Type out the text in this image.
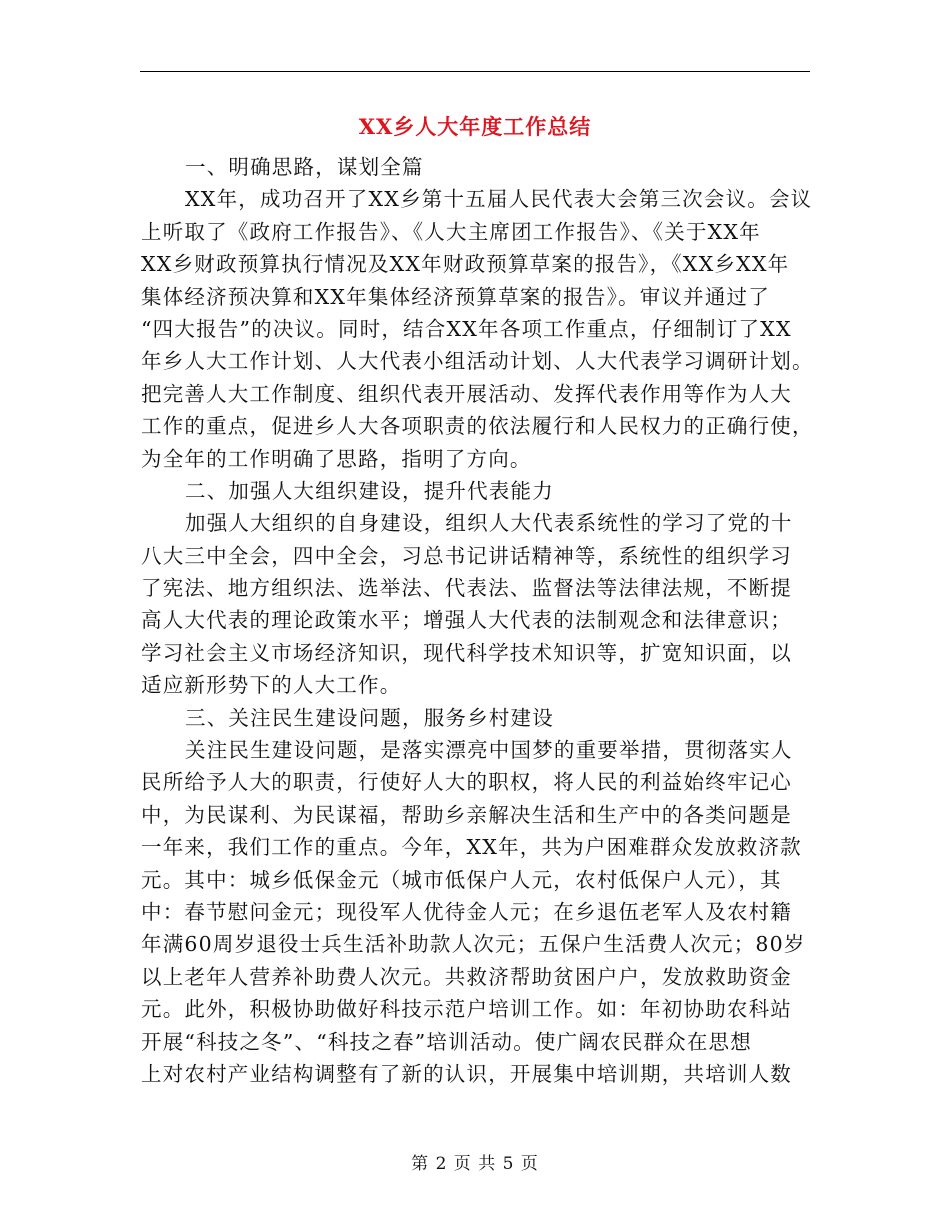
XX乡人大年度工作总结
一、明确思路，谋划全篇
XX年，成功召开了XX乡第十五届人民代表大会第三次会议。会议
上听取了《政府工作报告》、《人大主席团工作报告》、《关于XX年
XX乡财政预算执行情况及XX年财政预算草案的报告》，《XX乡XX年
集体经济预决算和XX年集体经济预算草案的报告》。审议并通过了
“四大报告”的决议。同时，结合XX年各项工作重点，仔细制订了XX
年乡人大工作计划、人大代表小组活动计划、人大代表学习调研计划。
把完善人大工作制度、组织代表开展活动、发挥代表作用等作为人大
工作的重点，促进乡人大各项职责的依法履行和人民权力的正确行使，
为全年的工作明确了思路，指明了方向。
二、加强人大组织建设，提升代表能力
加强人大组织的自身建设，组织人大代表系统性的学习了党的十
八大三中全会，四中全会，习总书记讲话精神等，系统性的组织学习
了宪法、地方组织法、选举法、代表法、监督法等法律法规，不断提
高人大代表的理论政策水平；增强人大代表的法制观念和法律意识；
学习社会主义市场经济知识，现代科学技术知识等，扩宽知识面，以
适应新形势下的人大工作。
三、关注民生建设问题，服务乡村建设
关注民生建设问题，是落实漂亮中国梦的重要举措，贯彻落实人
民所给予人大的职责，行使好人大的职权，将人民的利益始终牢记心
中，为民谋利、为民谋福，帮助乡亲解决生活和生产中的各类问题是
一年来，我们工作的重点。今年，XX年，共为户困难群众发放救济款
元。其中：城乡低保金元（城市低保户人元，农村低保户人元），其
中：春节慰问金元；现役军人优待金人元；在乡退伍老军人及农村籍
年满60周岁退役士兵生活补助款人次元；五保户生活费人次元；80岁
以上老年人营养补助费人次元。共救济帮助贫困户户，发放救助资金
元。此外，积极协助做好科技示范户培训工作。如：年初协助农科站
开展“科技之冬”、“科技之春”培训活动。使广阔农民群众在思想
上对农村产业结构调整有了新的认识，开展集中培训期，共培训人数
第 2 页 共 5 页
